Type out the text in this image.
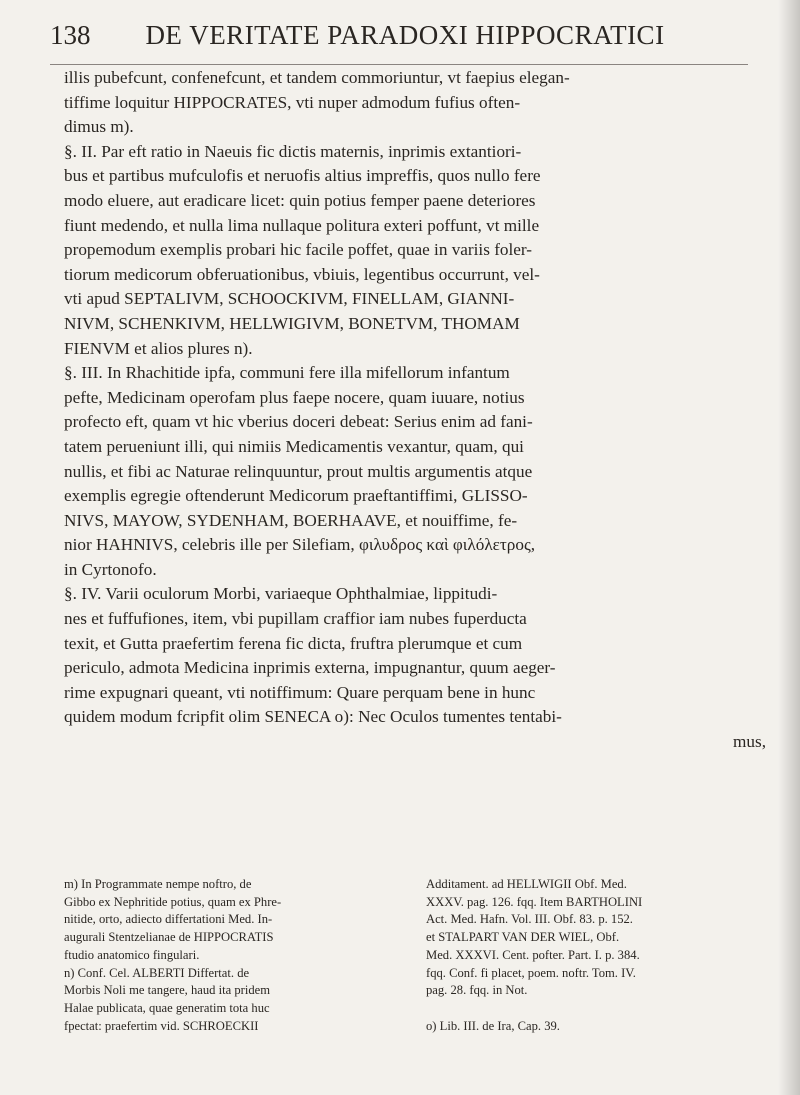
138	DE VERITATE PARADOXI HIPPOCRATICI
illis pubefcunt, confenefcunt, et tandem commoriuntur, vt faepius elegan-
tiffime loquitur HIPPOCRATES, vti nuper admodum fufius often-
dimus m).
§. II. Par eft ratio in Naeuis fic dictis maternis, inprimis extantiori-
bus et partibus mufculofis et neruofis altius impreffis, quos nullo fere
modo eluere, aut eradicare licet: quin potius femper paene deteriores
fiunt medendo, et nulla lima nullaque politura exteri poffunt, vt mille
propemodum exemplis probari hic facile poffet, quae in variis foler-
tiorum medicorum obferuationibus, vbiuis, legentibus occurrunt, vel-
vti apud SEPTALIVM, SCHOOCKIVM, FINELLAM, GIANNI-
NIVM, SCHENKIVM, HELLWIGIVM, BONETVM, THOMAM
FIENVM et alios plures n).
§. III. In Rhachitide ipfa, communi fere illa mifellorum infantum
pefte, Medicinam operofam plus faepe nocere, quam iuuare, notius
profecto eft, quam vt hic vberius doceri debeat: Serius enim ad fani-
tatem perueniunt illi, qui nimiis Medicamentis vexantur, quam, qui
nullis, et fibi ac Naturae relinquuntur, prout multis argumentis atque
exemplis egregie oftenderunt Medicorum praeftantiffimi, GLISSO-
NIVS, MAYOW, SYDENHAM, BOERHAAVE, et nouiffime, fe-
nior HAHNIVS, celebris ille per Silefiam, φιλυδρος καὶ φιλόλετρος,
in Cyrtonofo.
§. IV. Varii oculorum Morbi, variaeque Ophthalmiae, lippitudi-
nes et fuffufiones, item, vbi pupillam craffior iam nubes fuperducta
texit, et Gutta praefertim ferena fic dicta, fruftra plerumque et cum
periculo, admota Medicina inprimis externa, impugnantur, quum aeger-
rime expugnari queant, vti notiffimum: Quare perquam bene in hunc
quidem modum fcripfit olim SENECA o): Nec Oculos tumentes tentabi-
mus,
m) In Programmate nempe noftro, de
Gibbo ex Nephritide potius, quam ex Phre-
nitide, orto, adiecto differtationi Med. In-
augurali Stentzelianae de HIPPOCRATIS
ftudio anatomico fingulari.
n) Conf. Cel. ALBERTI Differtat. de
Morbis Noli me tangere, haud ita pridem
Halae publicata, quae generatim tota huc
fpectat: praefertim vid. SCHROECKII
Additament. ad HELLWIGII Obf. Med.
XXXV. pag. 126. fqq. Item BARTHOLINI
Act. Med. Hafn. Vol. III. Obf. 83. p. 152.
et STALPART VAN DER WIEL, Obf.
Med. XXXVI. Cent. pofter. Part. I. p. 384.
fqq. Conf. fi placet, poem. noftr. Tom. IV.
pag. 28. fqq. in Not.
o) Lib. III. de Ira, Cap. 39.
